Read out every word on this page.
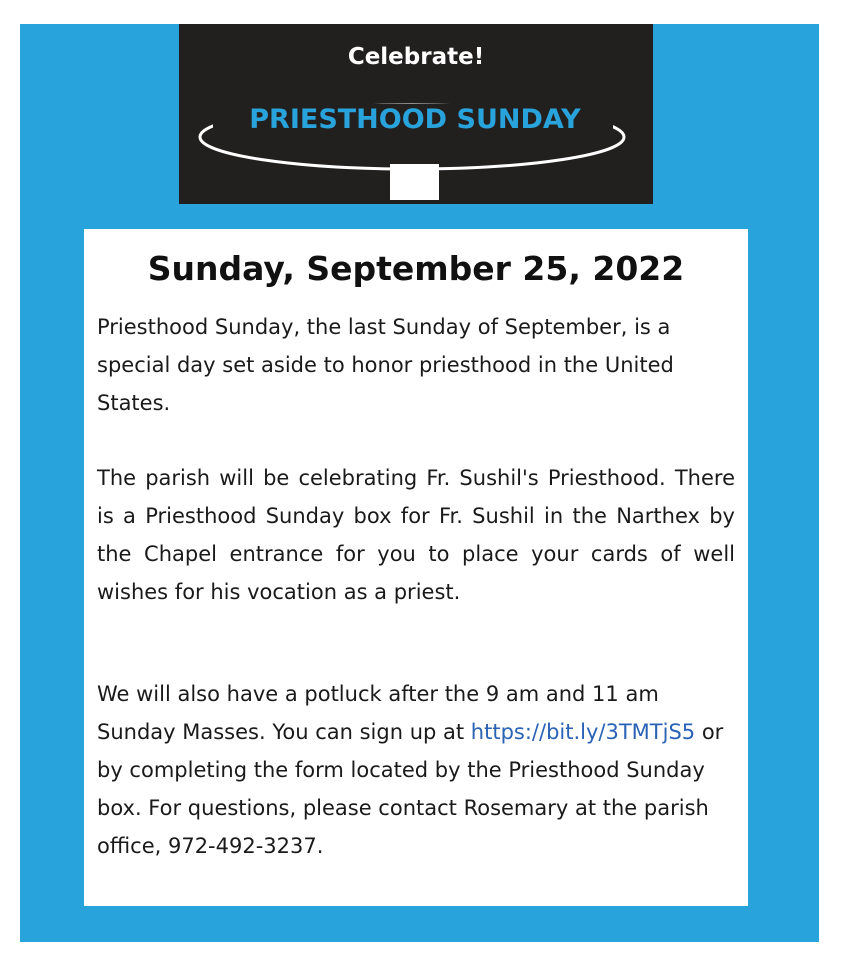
Celebrate!
PRIESTHOOD SUNDAY
Sunday, September 25, 2022
Priesthood Sunday, the last Sunday of September, is a special day set aside to honor priesthood in the United States.
The parish will be celebrating Fr. Sushil's Priesthood. There is a Priesthood Sunday box for Fr. Sushil in the Narthex by the Chapel entrance for you to place your cards of well wishes for his vocation as a priest.
We will also have a potluck after the 9 am and 11 am Sunday Masses. You can sign up at https://bit.ly/3TMTjS5 or by completing the form located by the Priesthood Sunday box. For questions, please contact Rosemary at the parish office, 972-492-3237.
